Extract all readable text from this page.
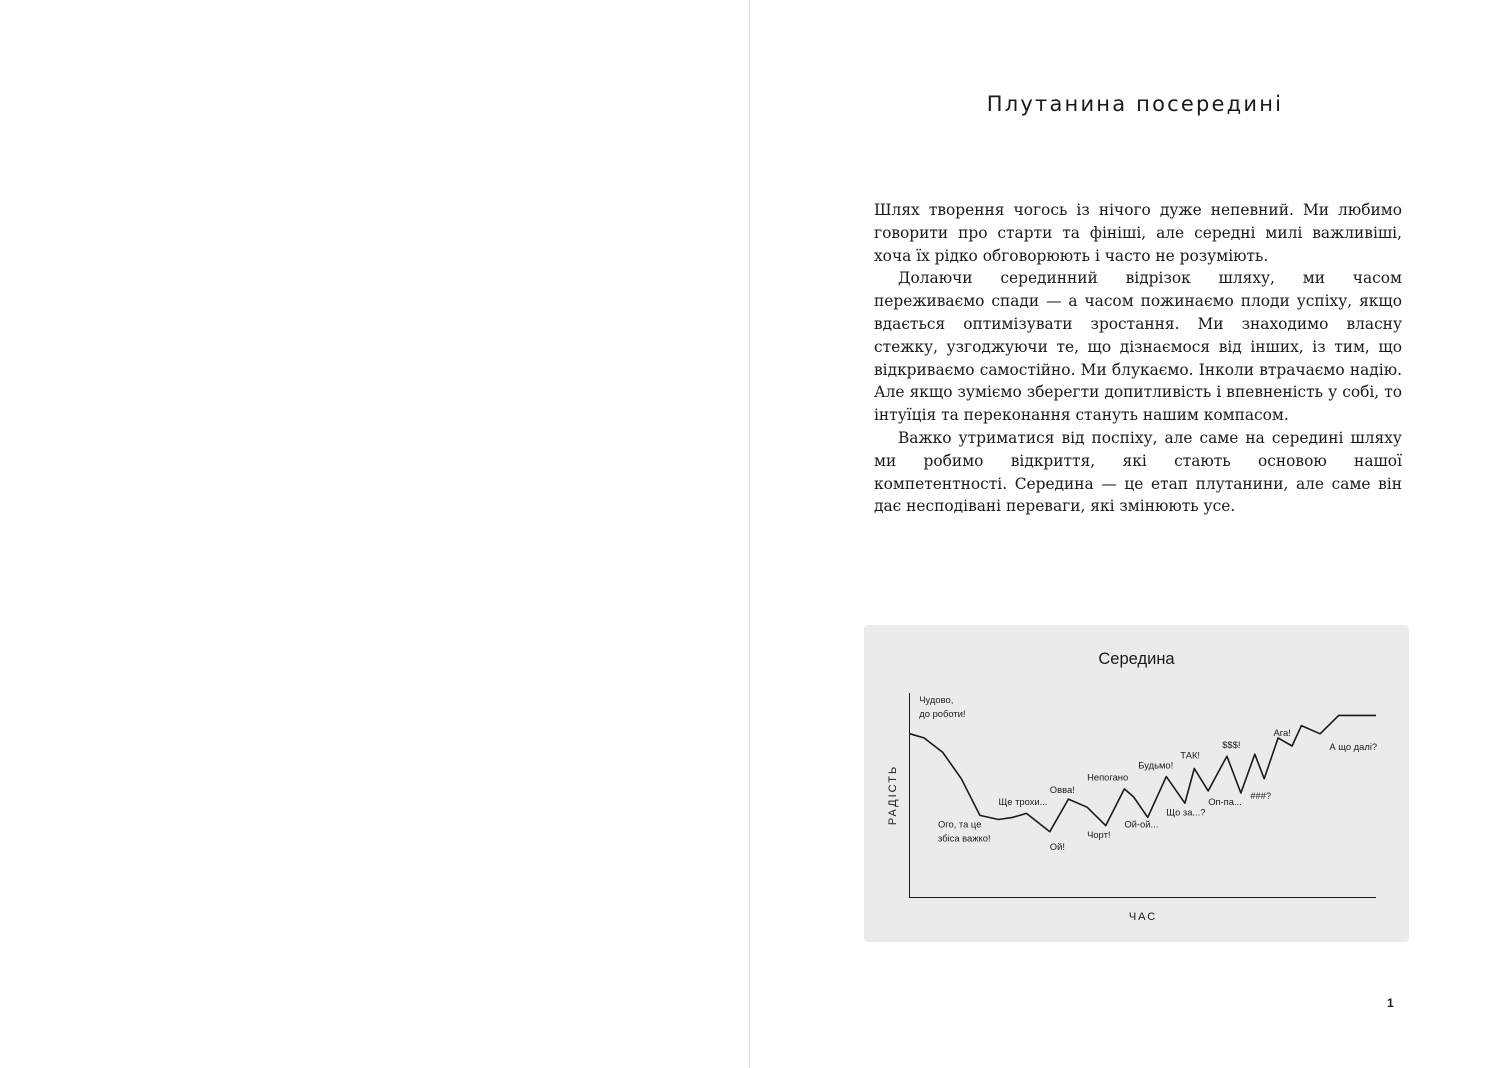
Плутанина посередині

Шлях творення чогось із нічого дуже непевний. Ми любимо говорити про старти та фініші, але середні милі важливіші, хоча їх рідко обговорюють і часто не розуміють.

Долаючи серединний відрізок шляху, ми часом переживаємо спади — а часом пожинаємо плоди успіху, якщо вдається оптимізувати зростання. Ми знаходимо власну стежку, узгоджуючи те, що дізнаємося від інших, із тим, що відкриваємо самостійно. Ми блукаємо. Інколи втрачаємо надію. Але якщо зуміємо зберегти допитливість і впевненість у собі, то інтуїція та переконання стануть нашим компасом.

Важко утриматися від поспіху, але саме на середині шляху ми робимо відкриття, які стають основою нашої компетентності. Середина — це етап плутанини, але саме він дає несподівані переваги, які змінюють усе.

Середина
РАДІСТЬ
ЧАС
Чудово, до роботи!
Ого, та це збіса важко!
Ще трохи...
Овва!
Ой!
Непогано
Чорт!
Будьмо!
Ой-ой...
ТАК!
Що за...?
$$$!
Оп-па...
###?
Ага!
А що далі?
1
